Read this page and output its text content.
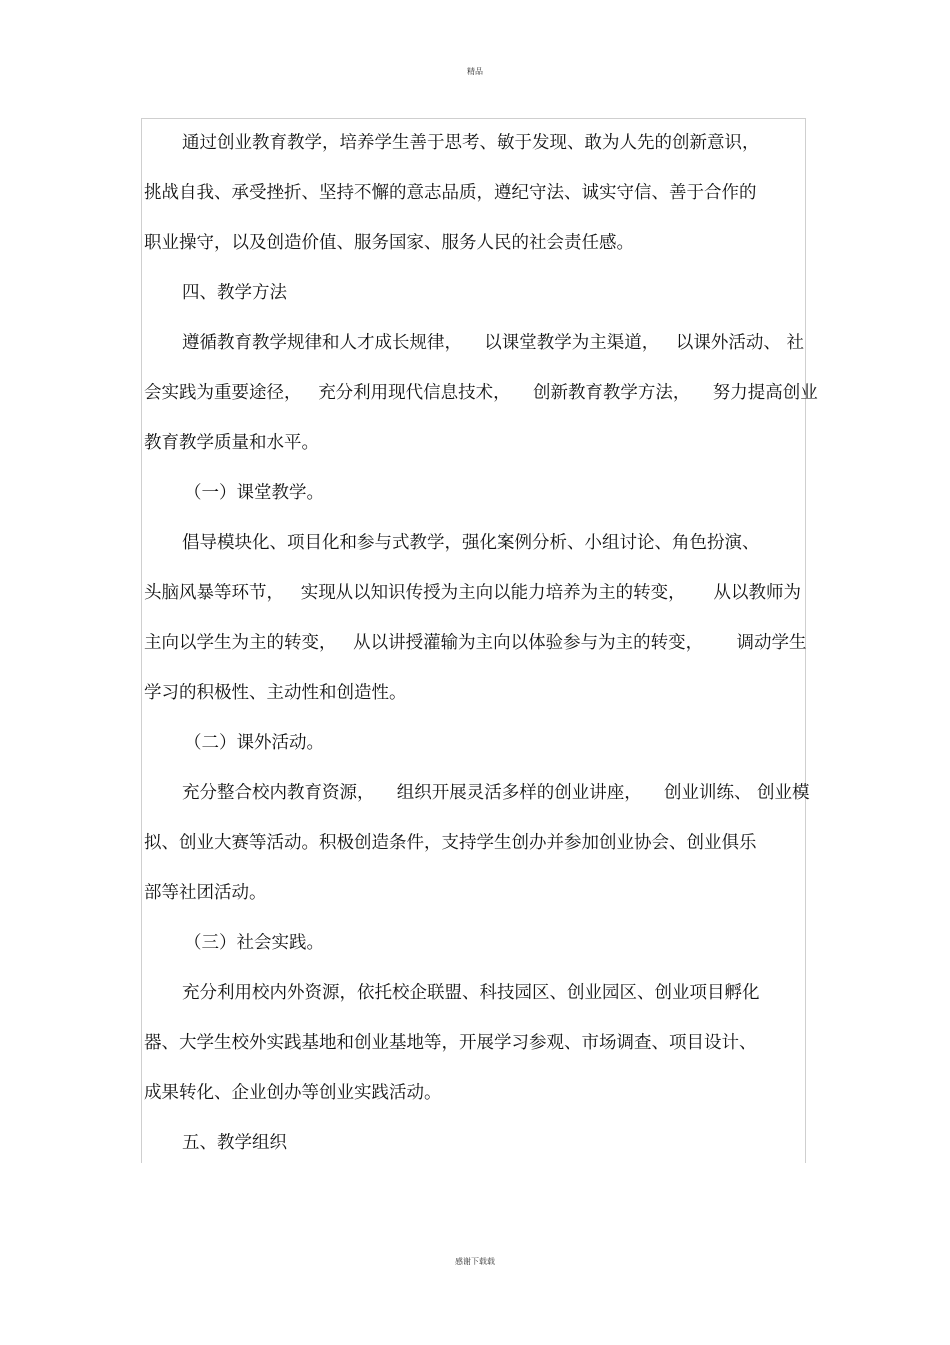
精品
通过创业教育教学，培养学生善于思考、敏于发现、敢为人先的创新意识，
挑战自我、承受挫折、坚持不懈的意志品质，遵纪守法、诚实守信、善于合作的
职业操守，以及创造价值、服务国家、服务人民的社会责任感。
四、教学方法
遵循教育教学规律和人才成长规律，    以课堂教学为主渠道，   以课外活动、 社
会实践为重要途径，   充分利用现代信息技术，    创新教育教学方法，    努力提高创业
教育教学质量和水平。
（一）课堂教学。
倡导模块化、项目化和参与式教学，强化案例分析、小组讨论、角色扮演、
头脑风暴等环节，   实现从以知识传授为主向以能力培养为主的转变，     从以教师为
主向以学生为主的转变，   从以讲授灌输为主向以体验参与为主的转变，      调动学生
学习的积极性、主动性和创造性。
（二）课外活动。
充分整合校内教育资源，    组织开展灵活多样的创业讲座，    创业训练、 创业模
拟、创业大赛等活动。积极创造条件，支持学生创办并参加创业协会、创业俱乐
部等社团活动。
（三）社会实践。
充分利用校内外资源，依托校企联盟、科技园区、创业园区、创业项目孵化
器、大学生校外实践基地和创业基地等，开展学习参观、市场调查、项目设计、
成果转化、企业创办等创业实践活动。
五、教学组织
感谢下载载
